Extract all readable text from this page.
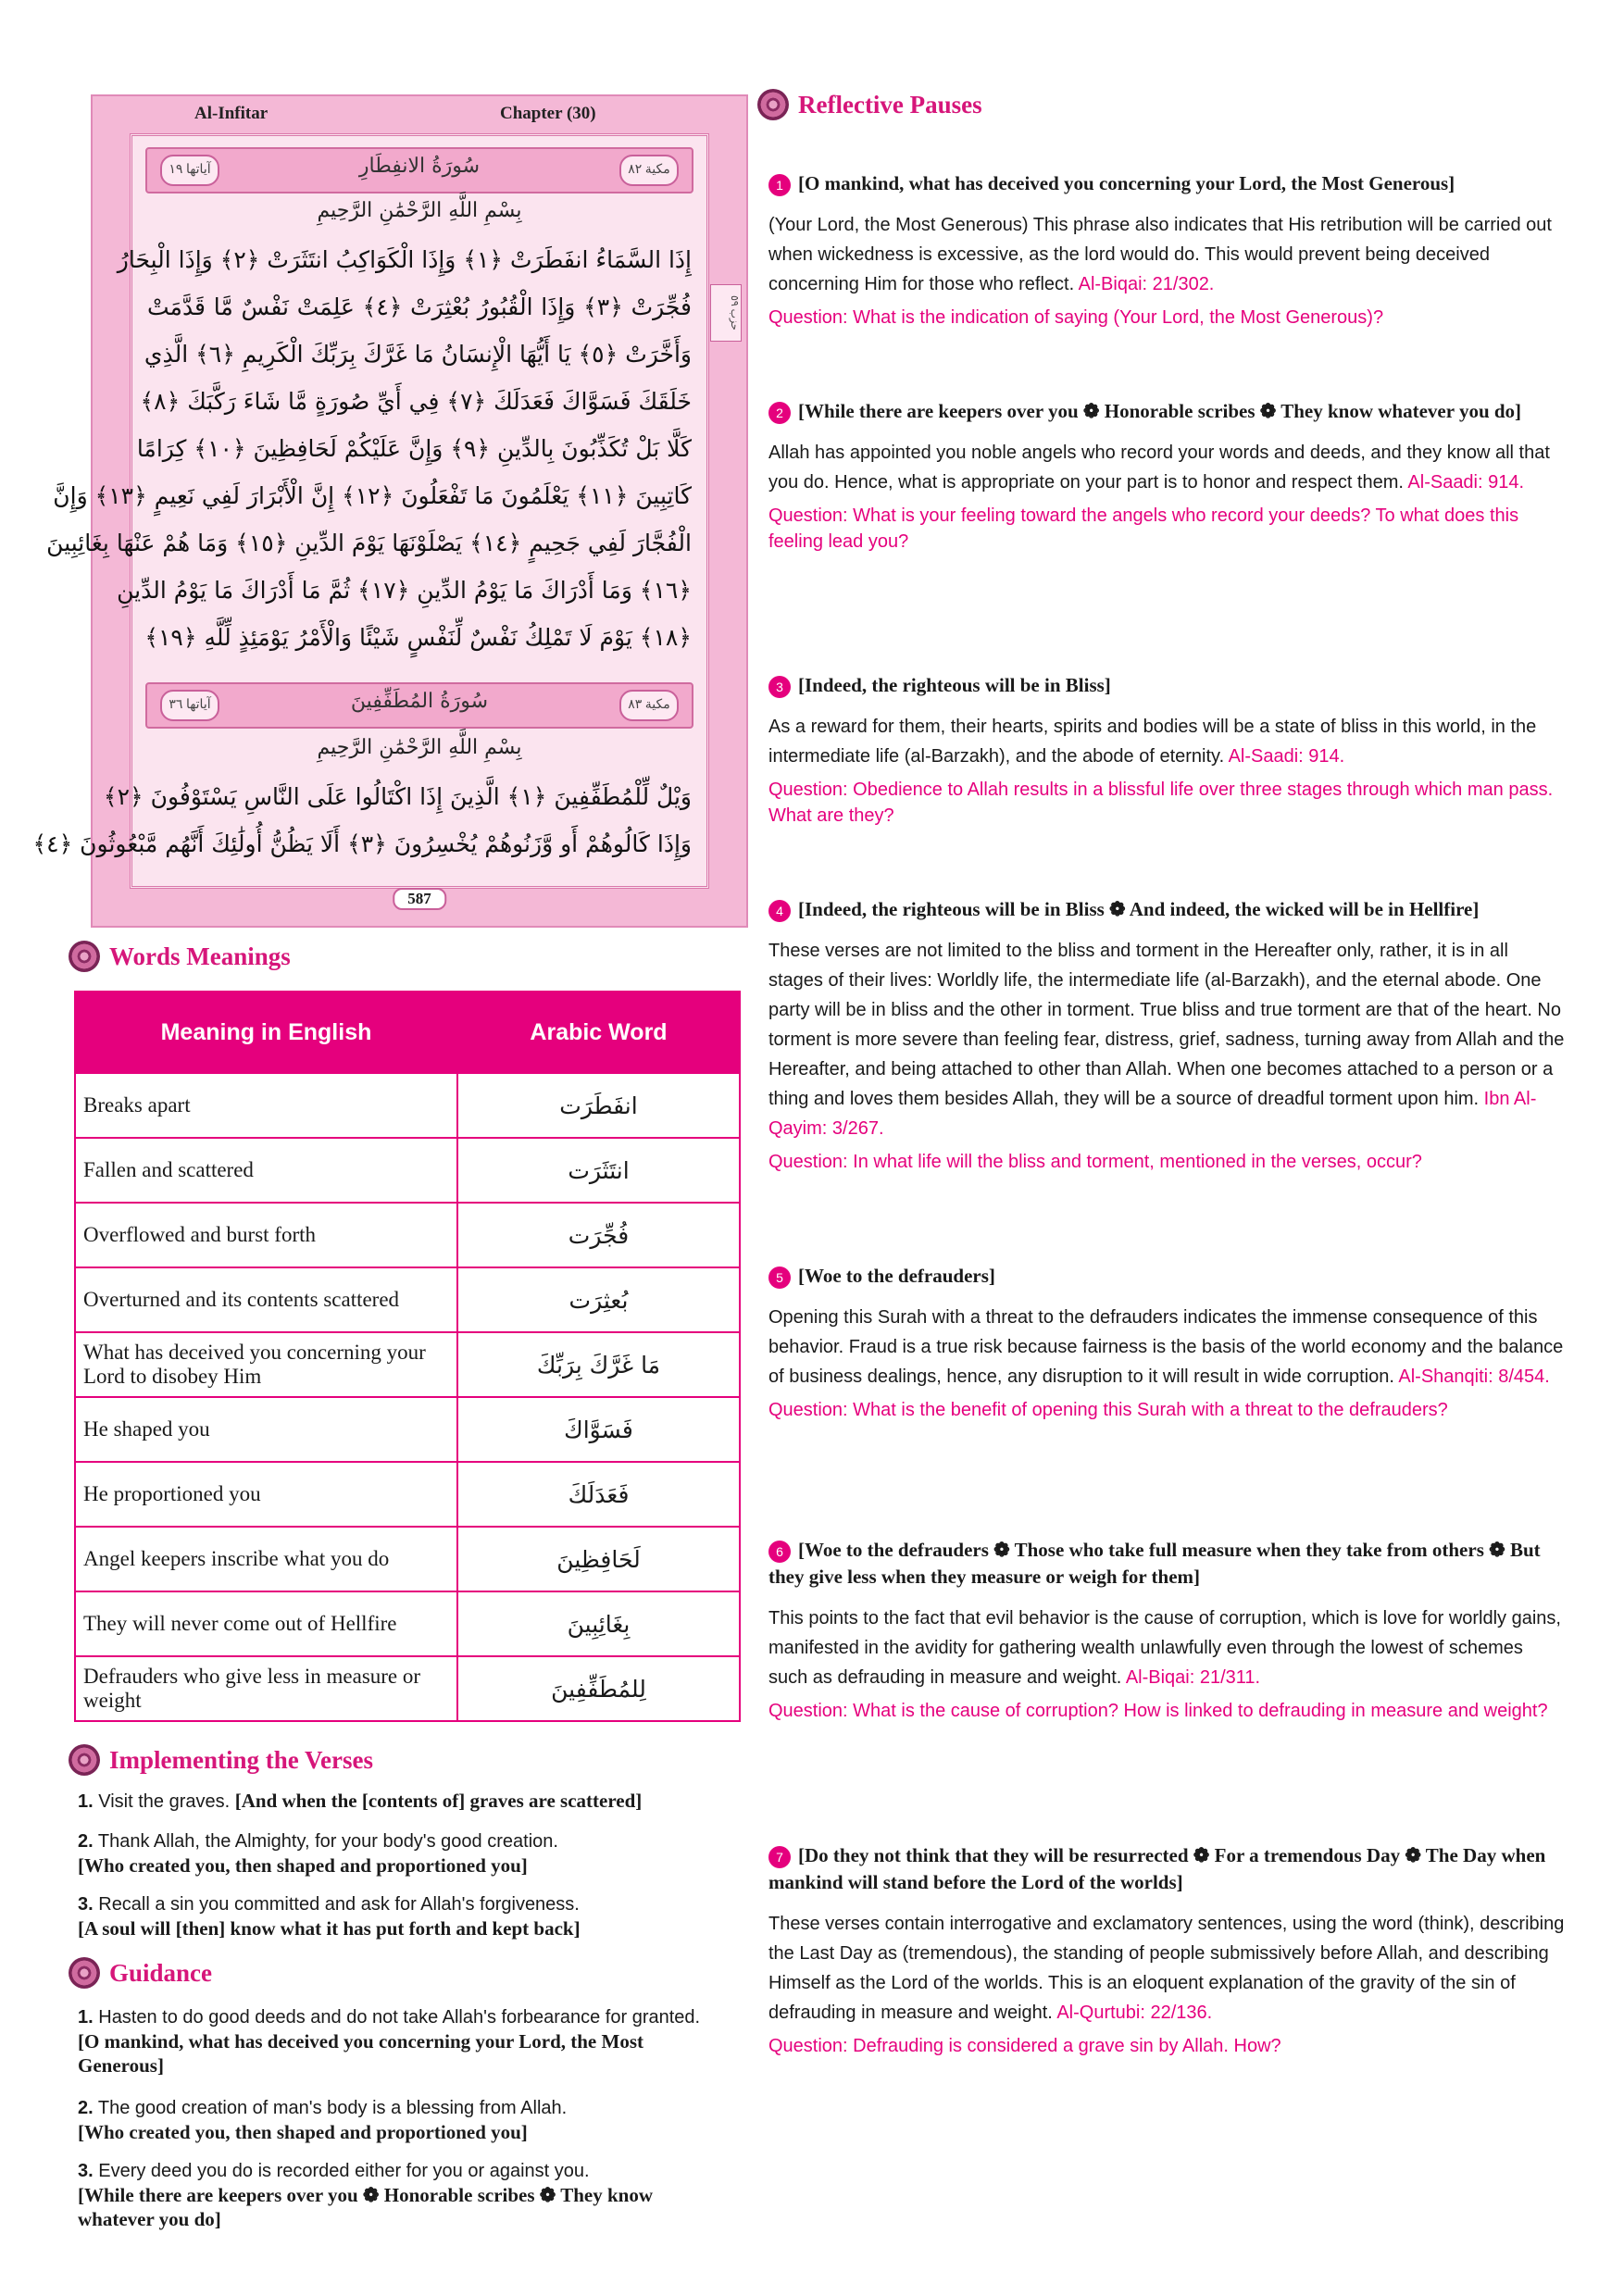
Al-Infitar	Chapter (30)
حزب ٥٩
آياتها ١٩	سُورَةُ الانفِطَارِ	مكية ٨٢
بِسْمِ اللَّهِ الرَّحْمَٰنِ الرَّحِيمِ
إِذَا السَّمَاءُ انفَطَرَتْ ﴿١﴾ وَإِذَا الْكَوَاكِبُ انتَثَرَتْ ﴿٢﴾ وَإِذَا الْبِحَارُ
فُجِّرَتْ ﴿٣﴾ وَإِذَا الْقُبُورُ بُعْثِرَتْ ﴿٤﴾ عَلِمَتْ نَفْسٌ مَّا قَدَّمَتْ
وَأَخَّرَتْ ﴿٥﴾ يَا أَيُّهَا الْإِنسَانُ مَا غَرَّكَ بِرَبِّكَ الْكَرِيمِ ﴿٦﴾ الَّذِي
خَلَقَكَ فَسَوَّاكَ فَعَدَلَكَ ﴿٧﴾ فِي أَيِّ صُورَةٍ مَّا شَاءَ رَكَّبَكَ ﴿٨﴾
كَلَّا بَلْ تُكَذِّبُونَ بِالدِّينِ ﴿٩﴾ وَإِنَّ عَلَيْكُمْ لَحَافِظِينَ ﴿١٠﴾ كِرَامًا
كَاتِبِينَ ﴿١١﴾ يَعْلَمُونَ مَا تَفْعَلُونَ ﴿١٢﴾ إِنَّ الْأَبْرَارَ لَفِي نَعِيمٍ ﴿١٣﴾ وَإِنَّ
الْفُجَّارَ لَفِي جَحِيمٍ ﴿١٤﴾ يَصْلَوْنَهَا يَوْمَ الدِّينِ ﴿١٥﴾ وَمَا هُمْ عَنْهَا بِغَائِبِينَ
﴿١٦﴾ وَمَا أَدْرَاكَ مَا يَوْمُ الدِّينِ ﴿١٧﴾ ثُمَّ مَا أَدْرَاكَ مَا يَوْمُ الدِّينِ
﴿١٨﴾ يَوْمَ لَا تَمْلِكُ نَفْسٌ لِّنَفْسٍ شَيْئًا وَالْأَمْرُ يَوْمَئِذٍ لِّلَّهِ ﴿١٩﴾
آياتها ٣٦	سُورَةُ المُطَفِّفِينَ	مكية ٨٣
بِسْمِ اللَّهِ الرَّحْمَٰنِ الرَّحِيمِ
وَيْلٌ لِّلْمُطَفِّفِينَ ﴿١﴾ الَّذِينَ إِذَا اكْتَالُوا عَلَى النَّاسِ يَسْتَوْفُونَ ﴿٢﴾
وَإِذَا كَالُوهُمْ أَو وَّزَنُوهُمْ يُخْسِرُونَ ﴿٣﴾ أَلَا يَظُنُّ أُولَٰئِكَ أَنَّهُم مَّبْعُوثُونَ ﴿٤﴾
587
Words Meanings
Meaning in English	Arabic Word
Breaks apart	انفَطَرَت
Fallen and scattered	انتَثَرَت
Overflowed and burst forth	فُجِّرَت
Overturned and its contents scattered	بُعثِرَت
What has deceived you concerning your Lord to disobey Him	مَا غَرَّكَ بِرَبِّكَ
He shaped you	فَسَوَّاكَ
He proportioned you	فَعَدَلَكَ
Angel keepers inscribe what you do	لَحَافِظِينَ
They will never come out of Hellfire	بِغَائِبِينَ
Defrauders who give less in measure or weight	لِلمُطَفِّفِينَ
Implementing the Verses
1. Visit the graves. [And when the [contents of] graves are scattered]
2. Thank Allah, the Almighty, for your body's good creation.
[Who created you, then shaped and proportioned you]
3. Recall a sin you committed and ask for Allah's forgiveness.
[A soul will [then] know what it has put forth and kept back]
Guidance
1. Hasten to do good deeds and do not take Allah's forbearance for granted.
[O mankind, what has deceived you concerning your Lord, the Most Generous]
2. The good creation of man's body is a blessing from Allah.
[Who created you, then shaped and proportioned you]
3. Every deed you do is recorded either for you or against you.
[While there are keepers over you ❁ Honorable scribes ❁ They know whatever you do]
Reflective Pauses
1 [O mankind, what has deceived you concerning your Lord, the Most Generous]
(Your Lord, the Most Generous) This phrase also indicates that His retribution will be carried out when wickedness is excessive, as the lord would do. This would prevent being deceived concerning Him for those who reflect. Al-Biqai: 21/302.
Question: What is the indication of saying (Your Lord, the Most Generous)?
2 [While there are keepers over you ❁ Honorable scribes ❁ They know whatever you do]
Allah has appointed you noble angels who record your words and deeds, and they know all that you do. Hence, what is appropriate on your part is to honor and respect them. Al-Saadi: 914.
Question: What is your feeling toward the angels who record your deeds? To what does this feeling lead you?
3 [Indeed, the righteous will be in Bliss]
As a reward for them, their hearts, spirits and bodies will be a state of bliss in this world, in the intermediate life (al-Barzakh), and the abode of eternity. Al-Saadi: 914.
Question: Obedience to Allah results in a blissful life over three stages through which man pass. What are they?
4 [Indeed, the righteous will be in Bliss ❁ And indeed, the wicked will be in Hellfire]
These verses are not limited to the bliss and torment in the Hereafter only, rather, it is in all stages of their lives: Worldly life, the intermediate life (al-Barzakh), and the eternal abode. One party will be in bliss and the other in torment. True bliss and true torment are that of the heart. No torment is more severe than feeling fear, distress, grief, sadness, turning away from Allah and the Hereafter, and being attached to other than Allah. When one becomes attached to a person or a thing and loves them besides Allah, they will be a source of dreadful torment upon him. Ibn Al-Qayim: 3/267.
Question: In what life will the bliss and torment, mentioned in the verses, occur?
5 [Woe to the defrauders]
Opening this Surah with a threat to the defrauders indicates the immense consequence of this behavior. Fraud is a true risk because fairness is the basis of the world economy and the balance of business dealings, hence, any disruption to it will result in wide corruption. Al-Shanqiti: 8/454.
Question: What is the benefit of opening this Surah with a threat to the defrauders?
6 [Woe to the defrauders ❁ Those who take full measure when they take from others ❁ But they give less when they measure or weigh for them]
This points to the fact that evil behavior is the cause of corruption, which is love for worldly gains, manifested in the avidity for gathering wealth unlawfully even through the lowest of schemes such as defrauding in measure and weight. Al-Biqai: 21/311.
Question: What is the cause of corruption? How is linked to defrauding in measure and weight?
7 [Do they not think that they will be resurrected ❁ For a tremendous Day ❁ The Day when mankind will stand before the Lord of the worlds]
These verses contain interrogative and exclamatory sentences, using the word (think), describing the Last Day as (tremendous), the standing of people submissively before Allah, and describing Himself as the Lord of the worlds. This is an eloquent explanation of the gravity of the sin of defrauding in measure and weight. Al-Qurtubi: 22/136.
Question: Defrauding is considered a grave sin by Allah. How?
